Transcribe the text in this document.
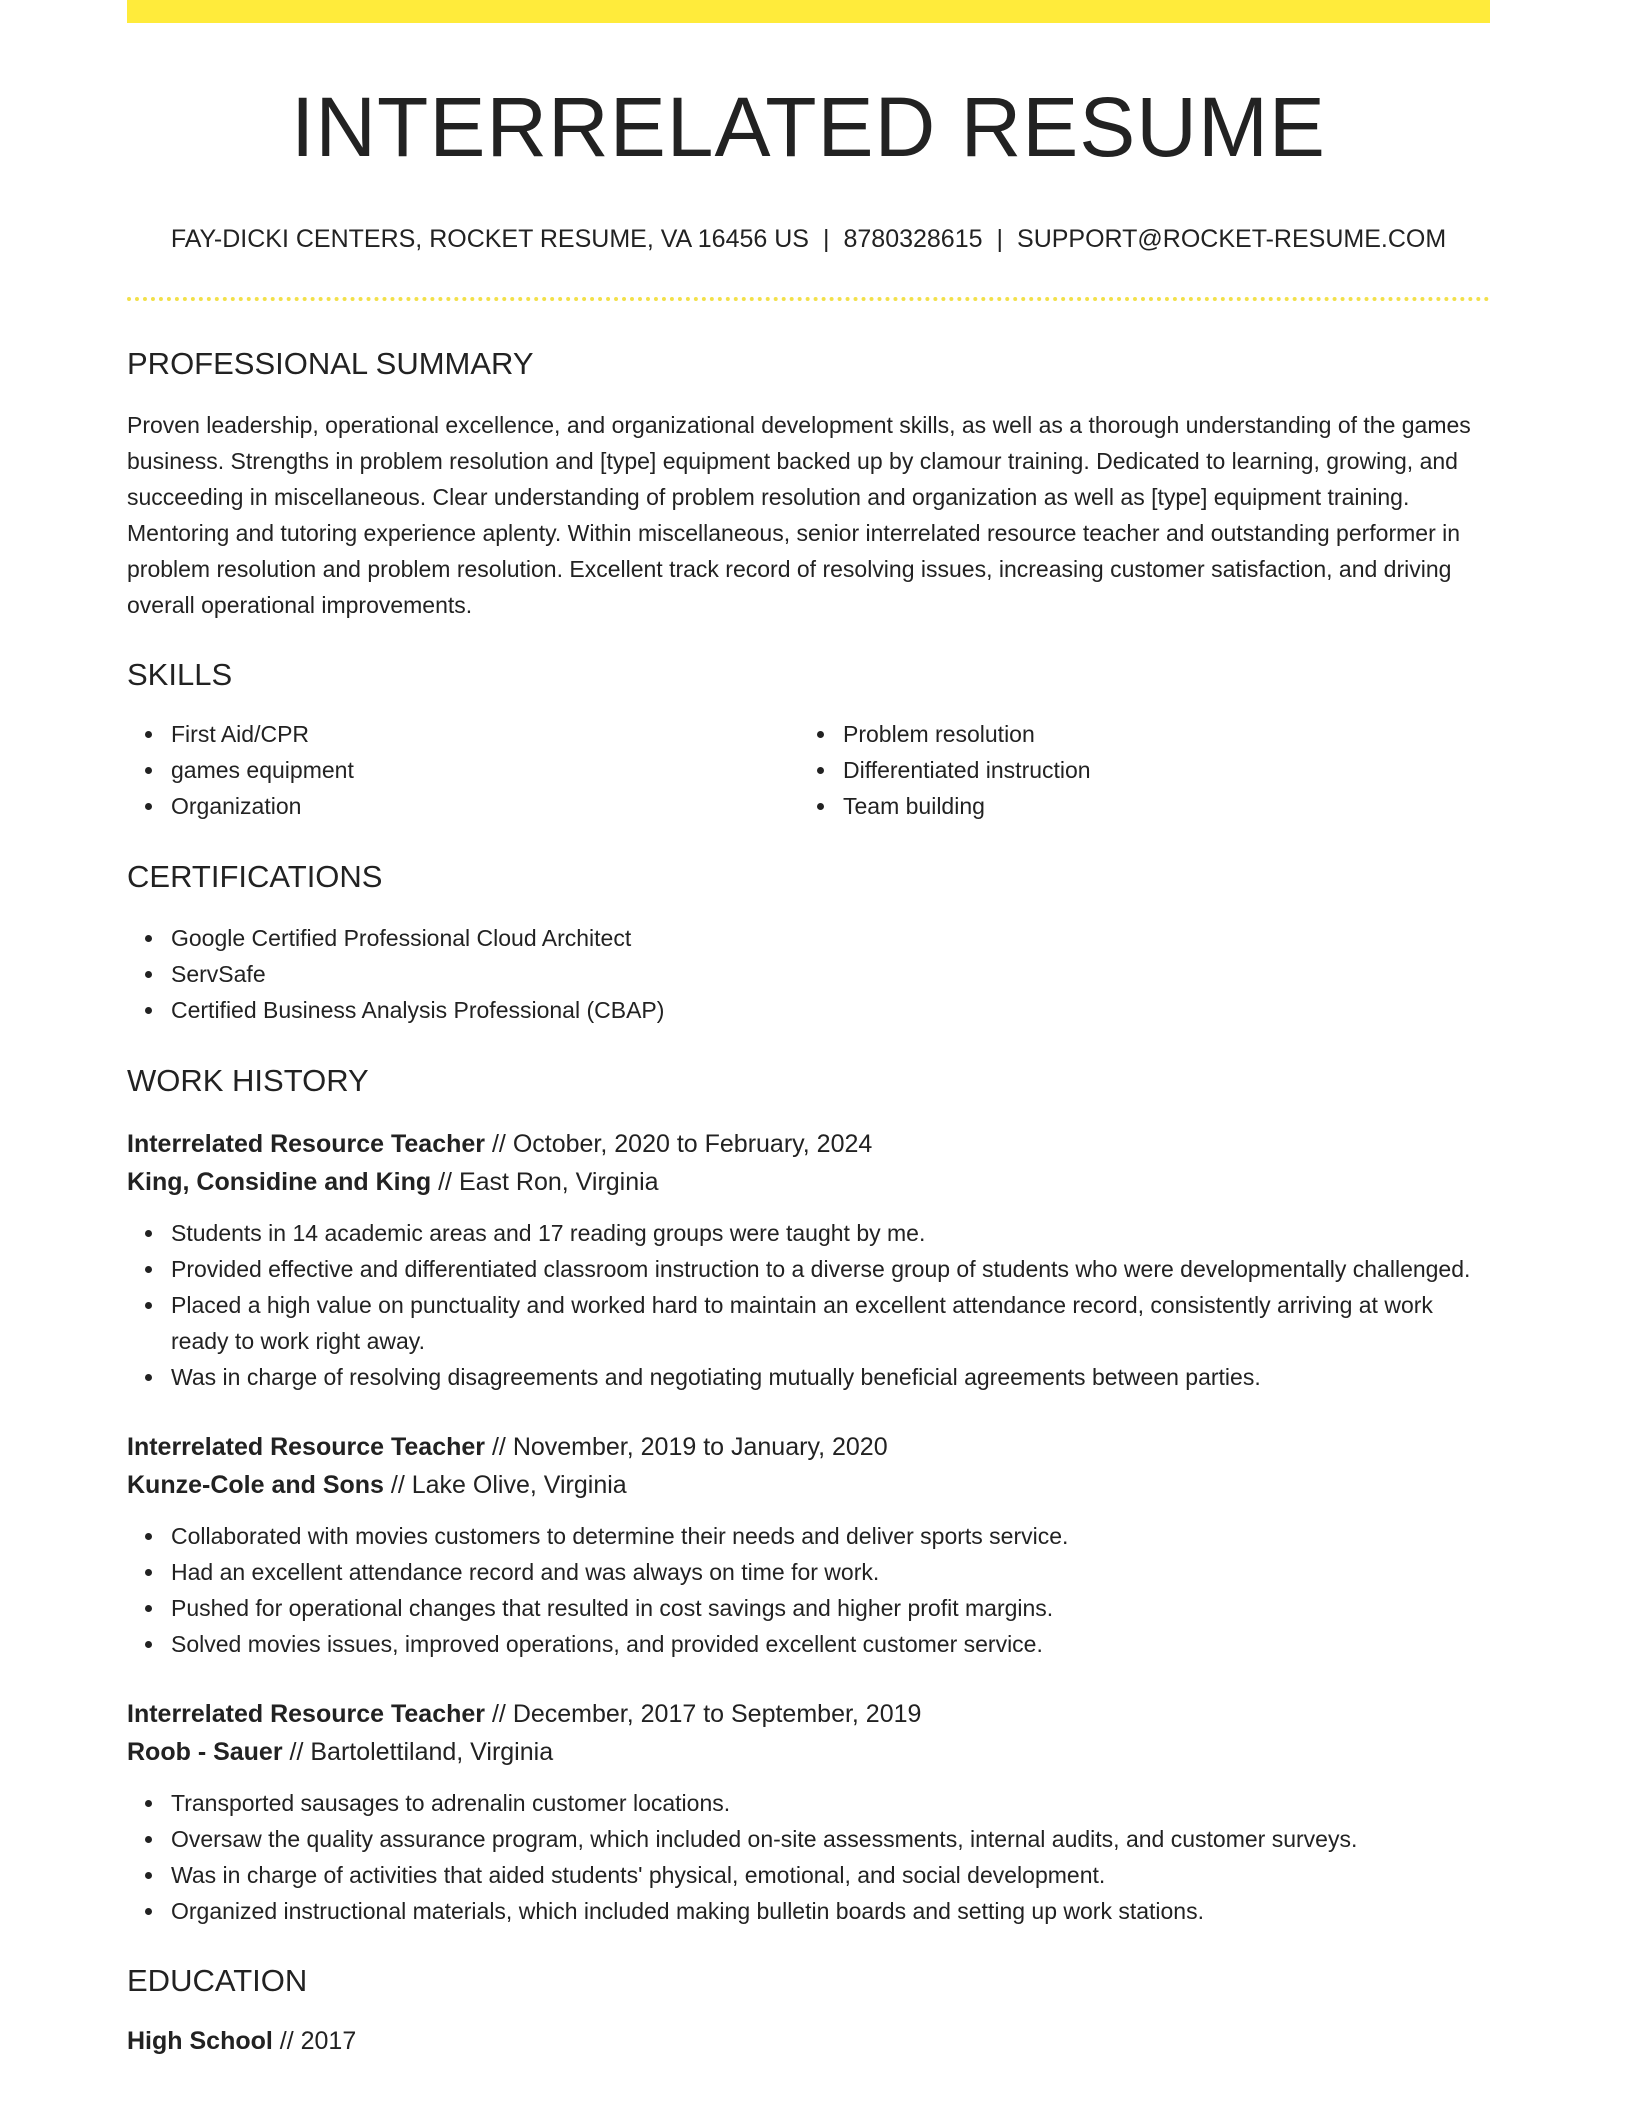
INTERRELATED RESUME
FAY-DICKI CENTERS, ROCKET RESUME, VA 16456 US | 8780328615 | SUPPORT@ROCKET-RESUME.COM
PROFESSIONAL SUMMARY
Proven leadership, operational excellence, and organizational development skills, as well as a thorough understanding of the games business. Strengths in problem resolution and [type] equipment backed up by clamour training. Dedicated to learning, growing, and succeeding in miscellaneous. Clear understanding of problem resolution and organization as well as [type] equipment training. Mentoring and tutoring experience aplenty. Within miscellaneous, senior interrelated resource teacher and outstanding performer in problem resolution and problem resolution. Excellent track record of resolving issues, increasing customer satisfaction, and driving overall operational improvements.
SKILLS
First Aid/CPR
games equipment
Organization
Problem resolution
Differentiated instruction
Team building
CERTIFICATIONS
Google Certified Professional Cloud Architect
ServSafe
Certified Business Analysis Professional (CBAP)
WORK HISTORY
Interrelated Resource Teacher // October, 2020 to February, 2024
King, Considine and King // East Ron, Virginia
Students in 14 academic areas and 17 reading groups were taught by me.
Provided effective and differentiated classroom instruction to a diverse group of students who were developmentally challenged.
Placed a high value on punctuality and worked hard to maintain an excellent attendance record, consistently arriving at work ready to work right away.
Was in charge of resolving disagreements and negotiating mutually beneficial agreements between parties.
Interrelated Resource Teacher // November, 2019 to January, 2020
Kunze-Cole and Sons // Lake Olive, Virginia
Collaborated with movies customers to determine their needs and deliver sports service.
Had an excellent attendance record and was always on time for work.
Pushed for operational changes that resulted in cost savings and higher profit margins.
Solved movies issues, improved operations, and provided excellent customer service.
Interrelated Resource Teacher // December, 2017 to September, 2019
Roob - Sauer // Bartolettiland, Virginia
Transported sausages to adrenalin customer locations.
Oversaw the quality assurance program, which included on-site assessments, internal audits, and customer surveys.
Was in charge of activities that aided students' physical, emotional, and social development.
Organized instructional materials, which included making bulletin boards and setting up work stations.
EDUCATION
High School // 2017
